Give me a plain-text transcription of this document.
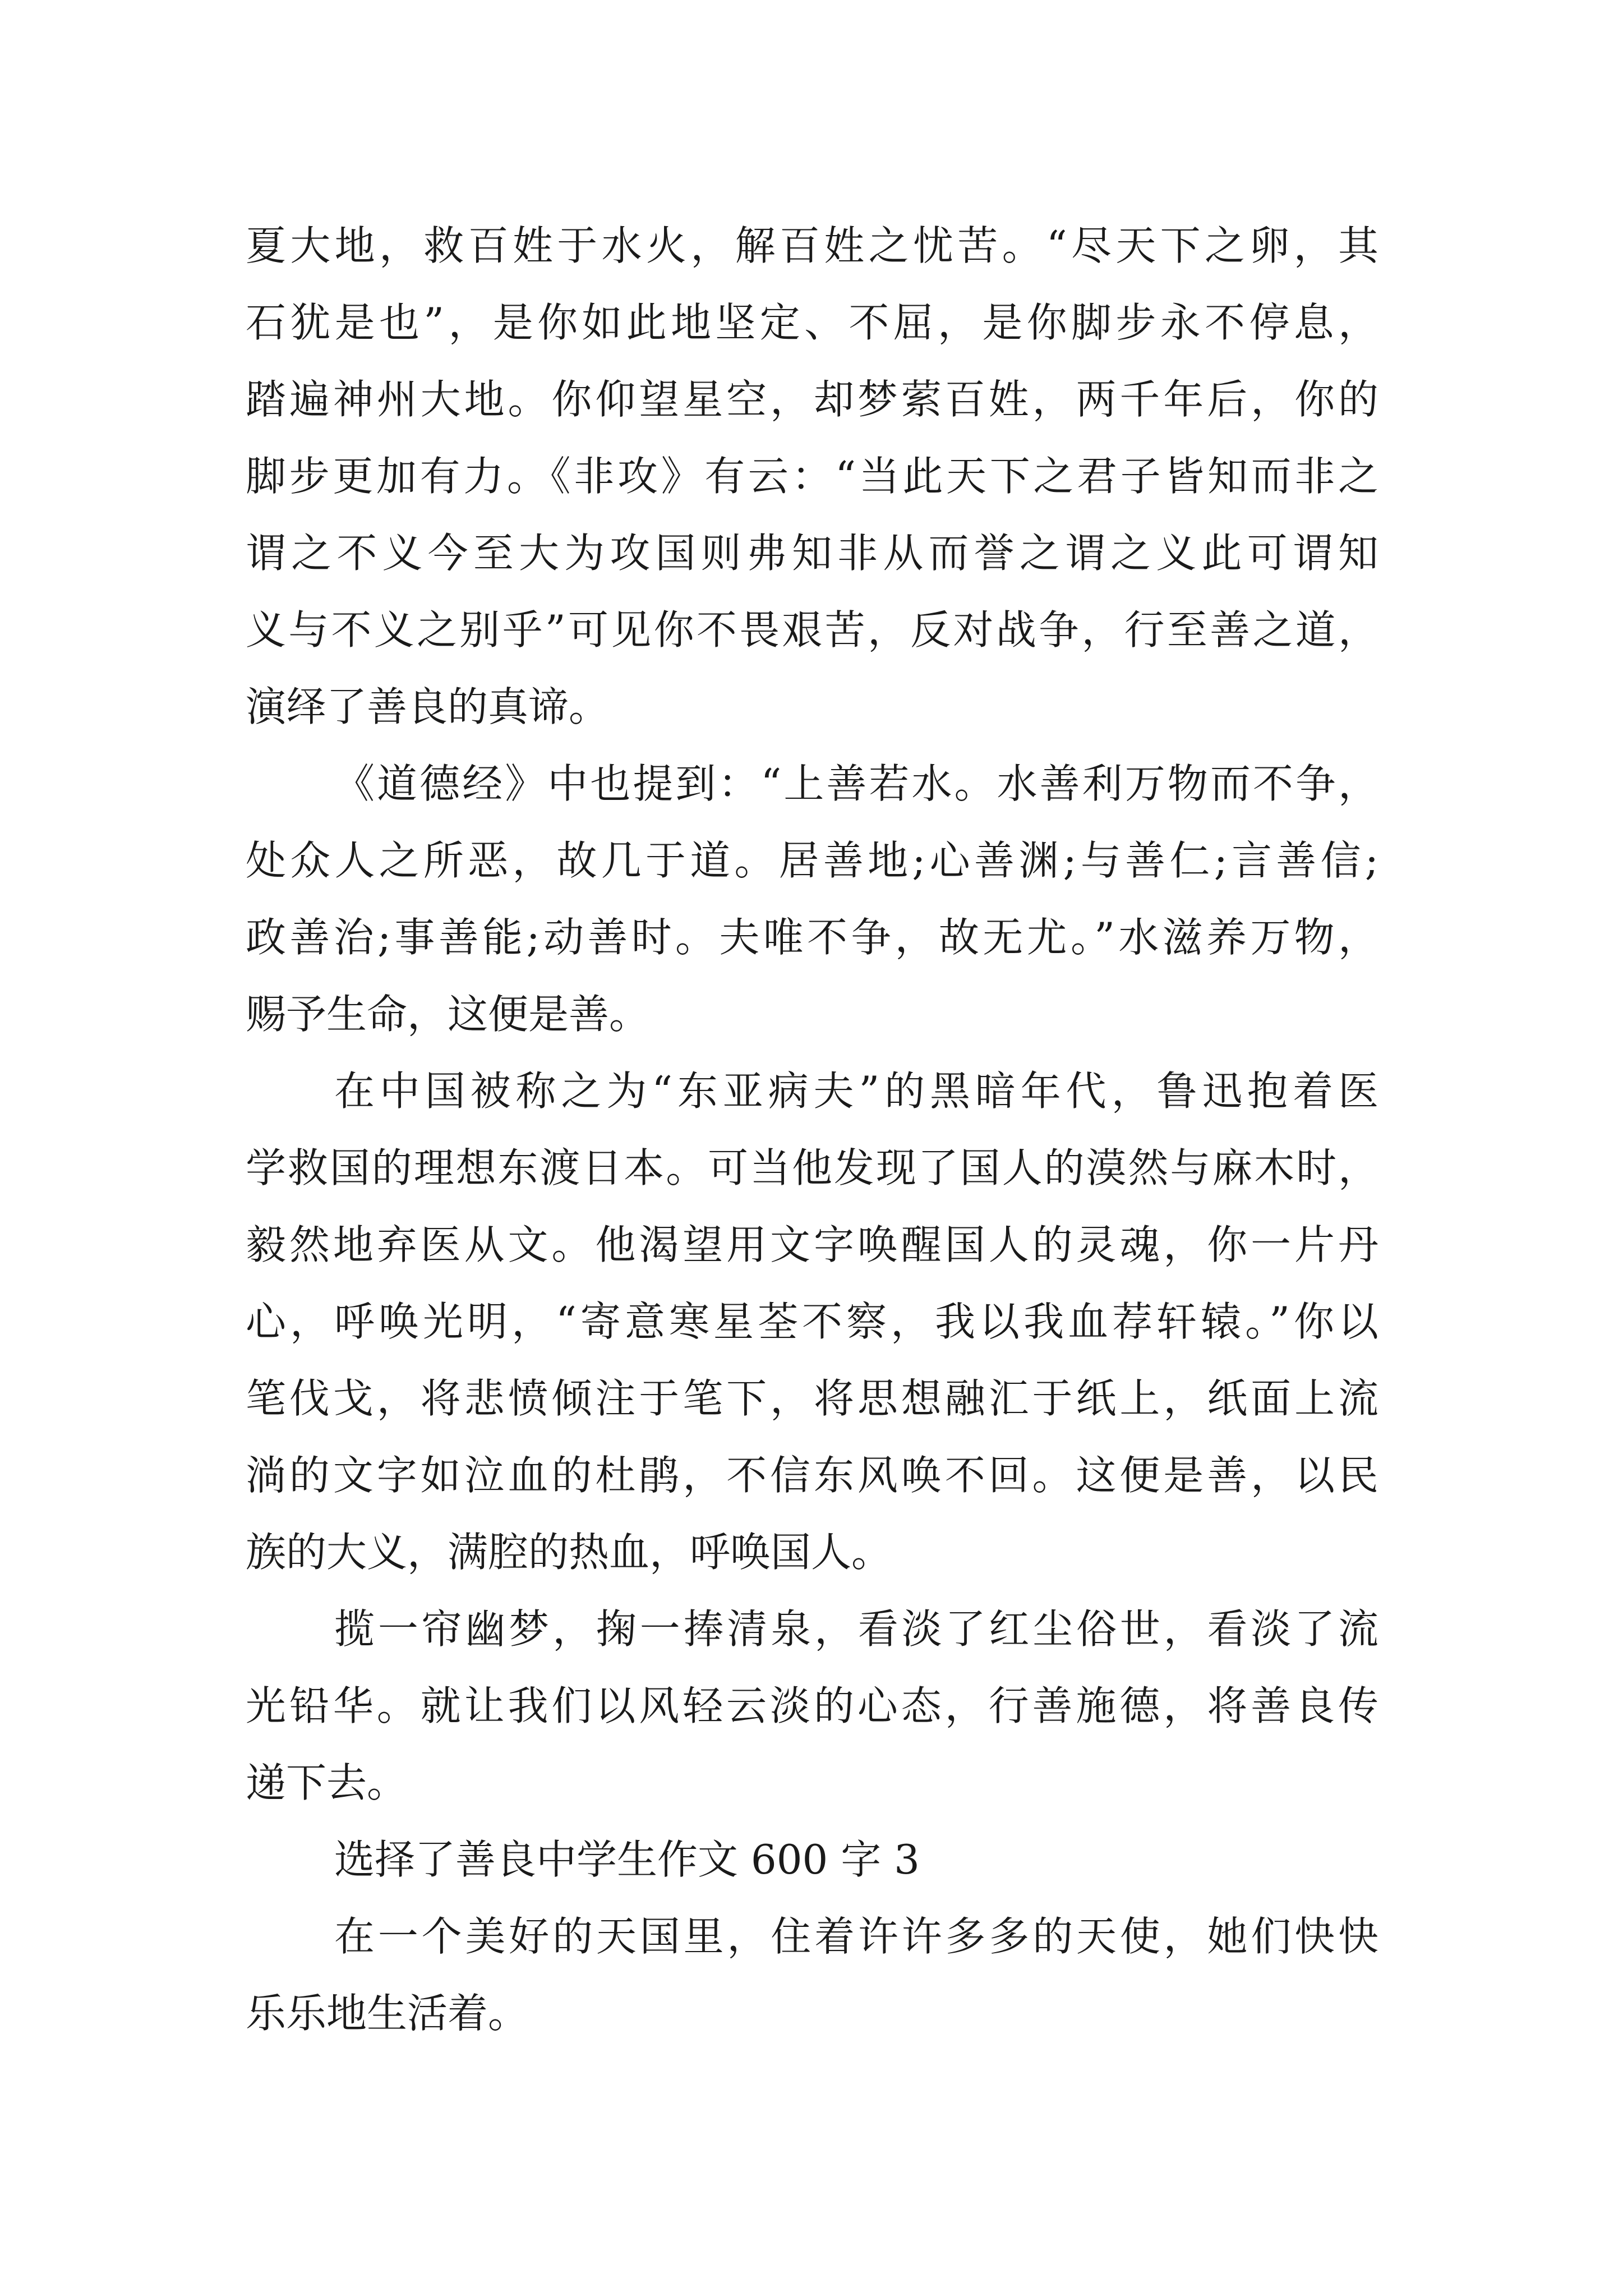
夏大地，救百姓于水火，解百姓之忧苦。“尽天下之卵，其
石犹是也”，是你如此地坚定、不屈，是你脚步永不停息，
踏遍神州大地。你仰望星空，却梦萦百姓，两千年后，你的
脚步更加有力。《非攻》有云：“当此天下之君子皆知而非之
谓之不义今至大为攻国则弗知非从而誉之谓之义此可谓知
义与不义之别乎”可见你不畏艰苦，反对战争，行至善之道，
演绎了善良的真谛。
《道德经》中也提到：“上善若水。水善利万物而不争，
处众人之所恶，故几于道。居善地;心善渊;与善仁;言善信;
政善治;事善能;动善时。夫唯不争，故无尤。”水滋养万物，
赐予生命，这便是善。
在中国被称之为“东亚病夫”的黑暗年代，鲁迅抱着医
学救国的理想东渡日本。可当他发现了国人的漠然与麻木时，
毅然地弃医从文。他渴望用文字唤醒国人的灵魂，你一片丹
心，呼唤光明，“寄意寒星荃不察，我以我血荐轩辕。”你以
笔伐戈，将悲愤倾注于笔下，将思想融汇于纸上，纸面上流
淌的文字如泣血的杜鹃，不信东风唤不回。这便是善，以民
族的大义，满腔的热血，呼唤国人。
揽一帘幽梦，掬一捧清泉，看淡了红尘俗世，看淡了流
光铅华。就让我们以风轻云淡的心态，行善施德，将善良传
递下去。
选择了善良中学生作文 600 字 3
在一个美好的天国里，住着许许多多的天使，她们快快
乐乐地生活着。
